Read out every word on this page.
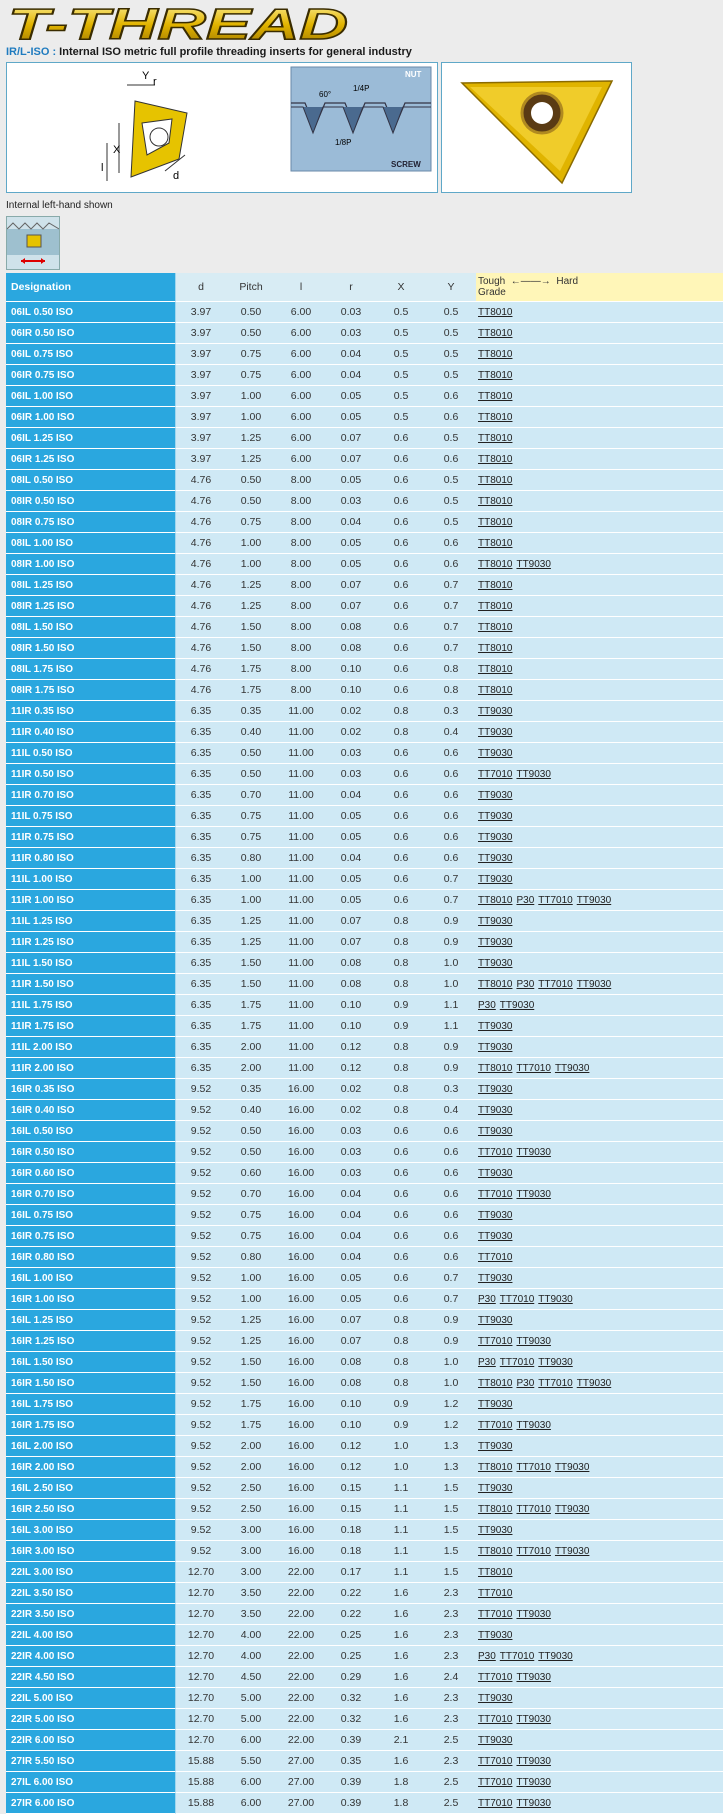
T-THREAD
IR/L-ISO : Internal ISO metric full profile threading inserts for general industry
X
Y r
l
d
NUT
SCREW
60°
1/4P
1/8P
Internal left-hand shown
Designation	d	Pitch	l	r	X	Y	Tough  ←——→  Hard
Grade

06IL 0.50 ISO	3.97	0.50	6.00	0.03	0.5	0.5	TT8010
06IR 0.50 ISO	3.97	0.50	6.00	0.03	0.5	0.5	TT8010
06IL 0.75 ISO	3.97	0.75	6.00	0.04	0.5	0.5	TT8010
06IR 0.75 ISO	3.97	0.75	6.00	0.04	0.5	0.5	TT8010
06IL 1.00 ISO	3.97	1.00	6.00	0.05	0.5	0.6	TT8010
06IR 1.00 ISO	3.97	1.00	6.00	0.05	0.5	0.6	TT8010
06IL 1.25 ISO	3.97	1.25	6.00	0.07	0.6	0.5	TT8010
06IR 1.25 ISO	3.97	1.25	6.00	0.07	0.6	0.6	TT8010
08IL 0.50 ISO	4.76	0.50	8.00	0.05	0.6	0.5	TT8010
08IR 0.50 ISO	4.76	0.50	8.00	0.03	0.6	0.5	TT8010
08IR 0.75 ISO	4.76	0.75	8.00	0.04	0.6	0.5	TT8010
08IL 1.00 ISO	4.76	1.00	8.00	0.05	0.6	0.6	TT8010
08IR 1.00 ISO	4.76	1.00	8.00	0.05	0.6	0.6	TT8010 TT9030
08IL 1.25 ISO	4.76	1.25	8.00	0.07	0.6	0.7	TT8010
08IR 1.25 ISO	4.76	1.25	8.00	0.07	0.6	0.7	TT8010
08IL 1.50 ISO	4.76	1.50	8.00	0.08	0.6	0.7	TT8010
08IR 1.50 ISO	4.76	1.50	8.00	0.08	0.6	0.7	TT8010
08IL 1.75 ISO	4.76	1.75	8.00	0.10	0.6	0.8	TT8010
08IR 1.75 ISO	4.76	1.75	8.00	0.10	0.6	0.8	TT8010
11IR 0.35 ISO	6.35	0.35	11.00	0.02	0.8	0.3	TT9030
11IR 0.40 ISO	6.35	0.40	11.00	0.02	0.8	0.4	TT9030
11IL 0.50 ISO	6.35	0.50	11.00	0.03	0.6	0.6	TT9030
11IR 0.50 ISO	6.35	0.50	11.00	0.03	0.6	0.6	TT7010 TT9030
11IR 0.70 ISO	6.35	0.70	11.00	0.04	0.6	0.6	TT9030
11IL 0.75 ISO	6.35	0.75	11.00	0.05	0.6	0.6	TT9030
11IR 0.75 ISO	6.35	0.75	11.00	0.05	0.6	0.6	TT9030
11IR 0.80 ISO	6.35	0.80	11.00	0.04	0.6	0.6	TT9030
11IL 1.00 ISO	6.35	1.00	11.00	0.05	0.6	0.7	TT9030
11IR 1.00 ISO	6.35	1.00	11.00	0.05	0.6	0.7	TT8010 P30 TT7010 TT9030
11IL 1.25 ISO	6.35	1.25	11.00	0.07	0.8	0.9	TT9030
11IR 1.25 ISO	6.35	1.25	11.00	0.07	0.8	0.9	TT9030
11IL 1.50 ISO	6.35	1.50	11.00	0.08	0.8	1.0	TT9030
11IR 1.50 ISO	6.35	1.50	11.00	0.08	0.8	1.0	TT8010 P30 TT7010 TT9030
11IL 1.75 ISO	6.35	1.75	11.00	0.10	0.9	1.1	P30 TT9030
11IR 1.75 ISO	6.35	1.75	11.00	0.10	0.9	1.1	TT9030
11IL 2.00 ISO	6.35	2.00	11.00	0.12	0.8	0.9	TT9030
11IR 2.00 ISO	6.35	2.00	11.00	0.12	0.8	0.9	TT8010 TT7010 TT9030
16IR 0.35 ISO	9.52	0.35	16.00	0.02	0.8	0.3	TT9030
16IR 0.40 ISO	9.52	0.40	16.00	0.02	0.8	0.4	TT9030
16IL 0.50 ISO	9.52	0.50	16.00	0.03	0.6	0.6	TT9030
16IR 0.50 ISO	9.52	0.50	16.00	0.03	0.6	0.6	TT7010 TT9030
16IR 0.60 ISO	9.52	0.60	16.00	0.03	0.6	0.6	TT9030
16IR 0.70 ISO	9.52	0.70	16.00	0.04	0.6	0.6	TT7010 TT9030
16IL 0.75 ISO	9.52	0.75	16.00	0.04	0.6	0.6	TT9030
16IR 0.75 ISO	9.52	0.75	16.00	0.04	0.6	0.6	TT9030
16IR 0.80 ISO	9.52	0.80	16.00	0.04	0.6	0.6	TT7010
16IL 1.00 ISO	9.52	1.00	16.00	0.05	0.6	0.7	TT9030
16IR 1.00 ISO	9.52	1.00	16.00	0.05	0.6	0.7	P30 TT7010 TT9030
16IL 1.25 ISO	9.52	1.25	16.00	0.07	0.8	0.9	TT9030
16IR 1.25 ISO	9.52	1.25	16.00	0.07	0.8	0.9	TT7010 TT9030
16IL 1.50 ISO	9.52	1.50	16.00	0.08	0.8	1.0	P30 TT7010 TT9030
16IR 1.50 ISO	9.52	1.50	16.00	0.08	0.8	1.0	TT8010 P30 TT7010 TT9030
16IL 1.75 ISO	9.52	1.75	16.00	0.10	0.9	1.2	TT9030
16IR 1.75 ISO	9.52	1.75	16.00	0.10	0.9	1.2	TT7010 TT9030
16IL 2.00 ISO	9.52	2.00	16.00	0.12	1.0	1.3	TT9030
16IR 2.00 ISO	9.52	2.00	16.00	0.12	1.0	1.3	TT8010 TT7010 TT9030
16IL 2.50 ISO	9.52	2.50	16.00	0.15	1.1	1.5	TT9030
16IR 2.50 ISO	9.52	2.50	16.00	0.15	1.1	1.5	TT8010 TT7010 TT9030
16IL 3.00 ISO	9.52	3.00	16.00	0.18	1.1	1.5	TT9030
16IR 3.00 ISO	9.52	3.00	16.00	0.18	1.1	1.5	TT8010 TT7010 TT9030
22IL 3.00 ISO	12.70	3.00	22.00	0.17	1.1	1.5	TT8010
22IL 3.50 ISO	12.70	3.50	22.00	0.22	1.6	2.3	TT7010
22IR 3.50 ISO	12.70	3.50	22.00	0.22	1.6	2.3	TT7010 TT9030
22IL 4.00 ISO	12.70	4.00	22.00	0.25	1.6	2.3	TT9030
22IR 4.00 ISO	12.70	4.00	22.00	0.25	1.6	2.3	P30 TT7010 TT9030
22IR 4.50 ISO	12.70	4.50	22.00	0.29	1.6	2.4	TT7010 TT9030
22IL 5.00 ISO	12.70	5.00	22.00	0.32	1.6	2.3	TT9030
22IR 5.00 ISO	12.70	5.00	22.00	0.32	1.6	2.3	TT7010 TT9030
22IR 6.00 ISO	12.70	6.00	22.00	0.39	2.1	2.5	TT9030
27IR 5.50 ISO	15.88	5.50	27.00	0.35	1.6	2.3	TT7010 TT9030
27IL 6.00 ISO	15.88	6.00	27.00	0.39	1.8	2.5	TT7010 TT9030
27IR 6.00 ISO	15.88	6.00	27.00	0.39	1.8	2.5	TT7010 TT9030
